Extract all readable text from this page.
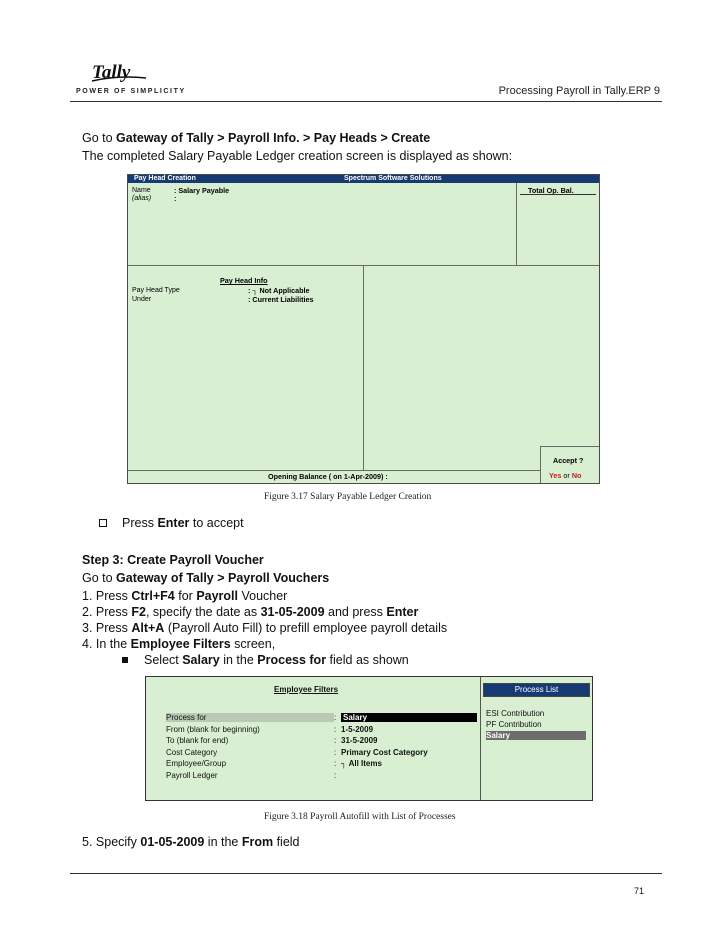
Tally
POWER OF SIMPLICITY	Processing Payroll in Tally.ERP 9
Go to Gateway of Tally > Payroll Info. > Pay Heads > Create
The completed Salary Payable Ledger creation screen is displayed as shown:
Pay Head Creation	Spectrum Software Solutions
Name	: Salary Payable
(alias)	:
Total Op. Bal.
Pay Head Info
Pay Head Type	: ┐ Not Applicable
Under	: Current Liabilities
Accept ?
Yes or No
Opening Balance ( on 1-Apr-2009) :
Figure 3.17 Salary Payable Ledger Creation
Press Enter to accept
Step 3: Create Payroll Voucher
Go to Gateway of Tally > Payroll Vouchers
1. Press Ctrl+F4 for Payroll Voucher
2. Press F2, specify the date as 31-05-2009 and press Enter
3. Press Alt+A (Payroll Auto Fill) to prefill employee payroll details
4. In the Employee Filters screen,
Select Salary in the Process for field as shown
Employee Filters
Process for	: Salary
From (blank for beginning)	: 1-5-2009
To (blank for end)	: 31-5-2009
Cost Category	: Primary Cost Category
Employee/Group	: ┐ All Items
Payroll Ledger	:
Process List
ESI Contribution
PF Contribution
Salary
Figure 3.18 Payroll Autofill with List of Processes
5. Specify 01-05-2009 in the From field
71
